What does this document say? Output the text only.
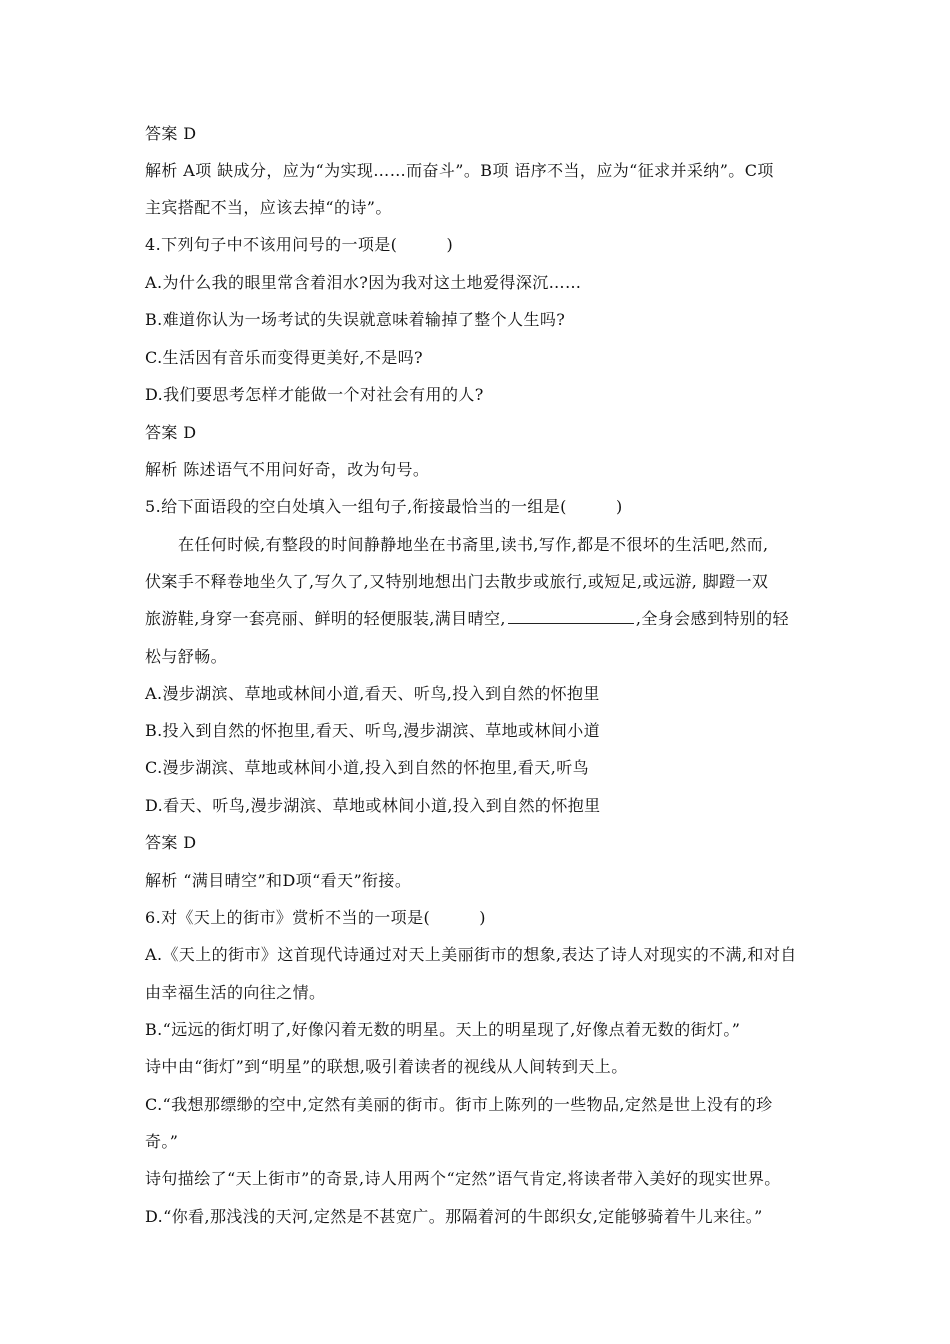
答案 D
解析 A项 缺成分，应为“为实现……而奋斗”。B项 语序不当，应为“征求并采纳”。C项
主宾搭配不当，应该去掉“的诗”。
4.下列句子中不该用问号的一项是(　　　)
A.为什么我的眼里常含着泪水?因为我对这土地爱得深沉……
B.难道你认为一场考试的失误就意味着输掉了整个人生吗?
C.生活因有音乐而变得更美好,不是吗?
D.我们要思考怎样才能做一个对社会有用的人?
答案 D
解析 陈述语气不用问好奇，改为句号。
5.给下面语段的空白处填入一组句子,衔接最恰当的一组是(　　　)
在任何时候,有整段的时间静静地坐在书斋里,读书,写作,都是不很坏的生活吧,然而,
伏案手不释卷地坐久了,写久了,又特别地想出门去散步或旅行,或短足,或远游, 脚蹬一双
旅游鞋,身穿一套亮丽、鲜明的轻便服装,满目晴空,	,全身会感到特别的轻
松与舒畅。
A.漫步湖滨、草地或林间小道,看天、听鸟,投入到自然的怀抱里
B.投入到自然的怀抱里,看天、听鸟,漫步湖滨、草地或林间小道
C.漫步湖滨、草地或林间小道,投入到自然的怀抱里,看天,听鸟
D.看天、听鸟,漫步湖滨、草地或林间小道,投入到自然的怀抱里
答案 D
解析 “满目晴空”和D项“看天”衔接。
6.对《天上的街市》赏析不当的一项是(　　　)
A.《天上的街市》这首现代诗通过对天上美丽街市的想象,表达了诗人对现实的不满,和对自
由幸福生活的向往之情。
B.“远远的街灯明了,好像闪着无数的明星。天上的明星现了,好像点着无数的街灯。”
诗中由“街灯”到“明星”的联想,吸引着读者的视线从人间转到天上。
C.“我想那缥缈的空中,定然有美丽的街市。街市上陈列的一些物品,定然是世上没有的珍
奇。”
诗句描绘了“天上街市”的奇景,诗人用两个“定然”语气肯定,将读者带入美好的现实世界。
D.“你看,那浅浅的天河,定然是不甚宽广。那隔着河的牛郎织女,定能够骑着牛儿来往。”
